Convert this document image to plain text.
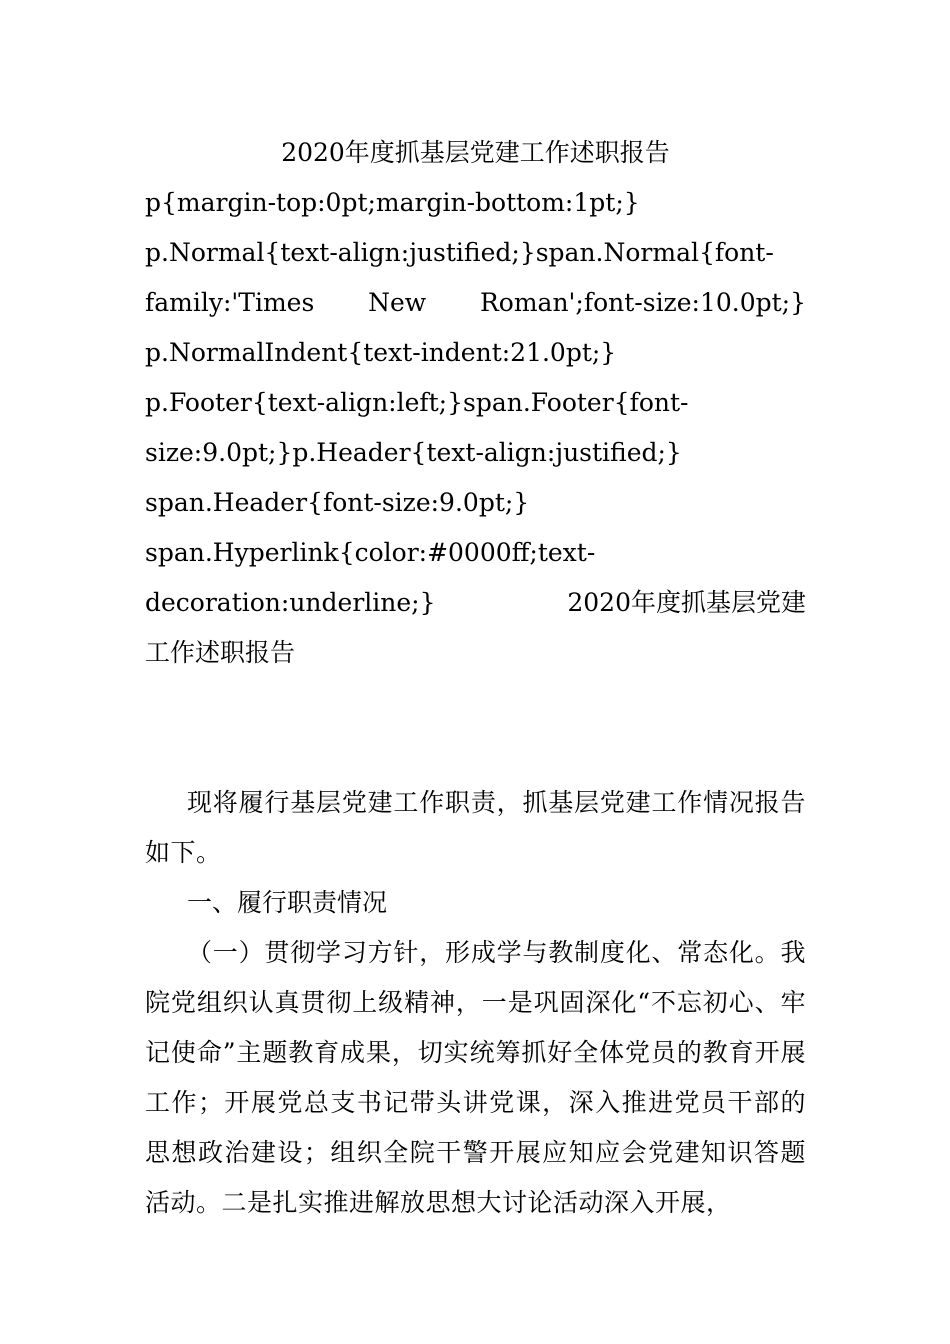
2020年度抓基层党建工作述职报告

p{margin-top:0pt;margin-bottom:1pt;}
p.Normal{text-align:justified;}span.Normal{font-
family:'Times New Roman';font-size:10.0pt;}
p.NormalIndent{text-indent:21.0pt;}
p.Footer{text-align:left;}span.Footer{font-
size:9.0pt;}p.Header{text-align:justified;}
span.Header{font-size:9.0pt;}
span.Hyperlink{color:#0000ff;text-
decoration:underline;}	2020年度抓基层党建
工作述职报告

现将履行基层党建工作职责，抓基层党建工作情况报告如下。

一、履行职责情况

（一）贯彻学习方针，形成学与教制度化、常态化。我院党组织认真贯彻上级精神，一是巩固深化“不忘初心、牢记使命”主题教育成果，切实统筹抓好全体党员的教育开展工作；开展党总支书记带头讲党课，深入推进党员干部的思想政治建设；组织全院干警开展应知应会党建知识答题活动。二是扎实推进解放思想大讨论活动深入开展，
